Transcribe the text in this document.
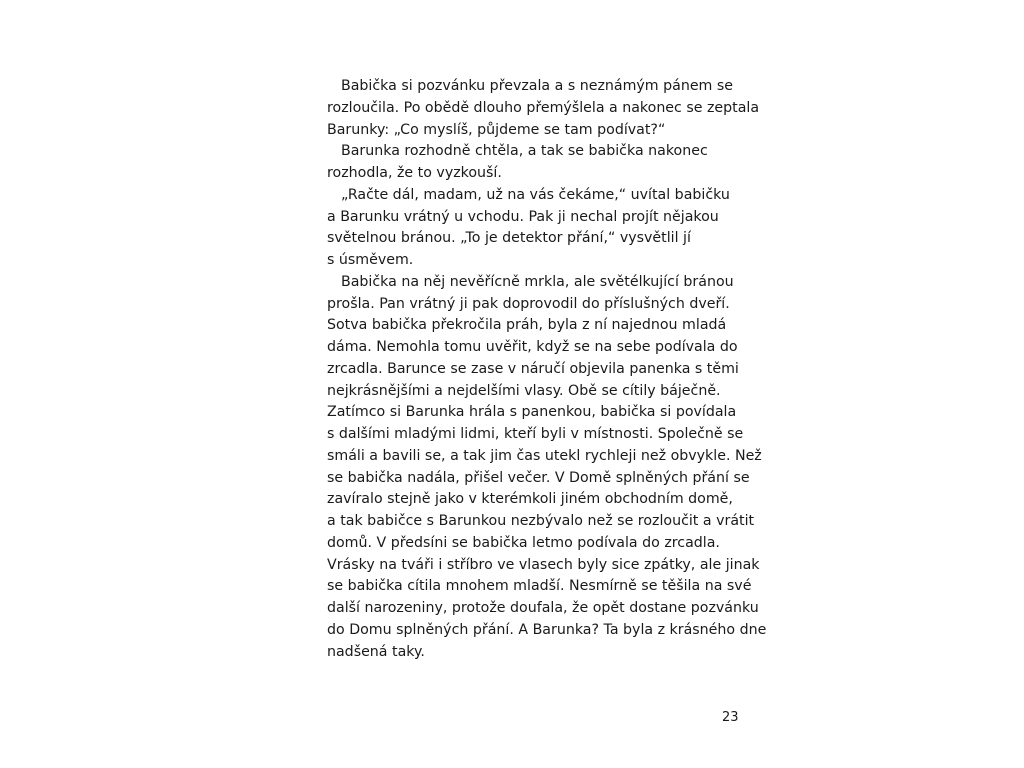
Babička si pozvánku převzala a s neznámým pánem se
rozloučila. Po obědě dlouho přemýšlela a nakonec se zeptala
Barunky: „Co myslíš, půjdeme se tam podívat?“
Barunka rozhodně chtěla, a tak se babička nakonec
rozhodla, že to vyzkouší.
„Račte dál, madam, už na vás čekáme,“ uvítal babičku
a Barunku vrátný u vchodu. Pak ji nechal projít nějakou
světelnou bránou. „To je detektor přání,“ vysvětlil jí
s úsměvem.
Babička na něj nevěřícně mrkla, ale světélkující bránou
prošla. Pan vrátný ji pak doprovodil do příslušných dveří.
Sotva babička překročila práh, byla z ní najednou mladá
dáma. Nemohla tomu uvěřit, když se na sebe podívala do
zrcadla. Barunce se zase v náručí objevila panenka s těmi
nejkrásnějšími a nejdelšími vlasy. Obě se cítily báječně.
Zatímco si Barunka hrála s panenkou, babička si povídala
s dalšími mladými lidmi, kteří byli v místnosti. Společně se
smáli a bavili se, a tak jim čas utekl rychleji než obvykle. Než
se babička nadála, přišel večer. V Domě splněných přání se
zavíralo stejně jako v kterémkoli jiném obchodním domě,
a tak babičce s Barunkou nezbývalo než se rozloučit a vrátit
domů. V předsíni se babička letmo podívala do zrcadla.
Vrásky na tváři i stříbro ve vlasech byly sice zpátky, ale jinak
se babička cítila mnohem mladší. Nesmírně se těšila na své
další narozeniny, protože doufala, že opět dostane pozvánku
do Domu splněných přání. A Barunka? Ta byla z krásného dne
nadšená taky.
23
